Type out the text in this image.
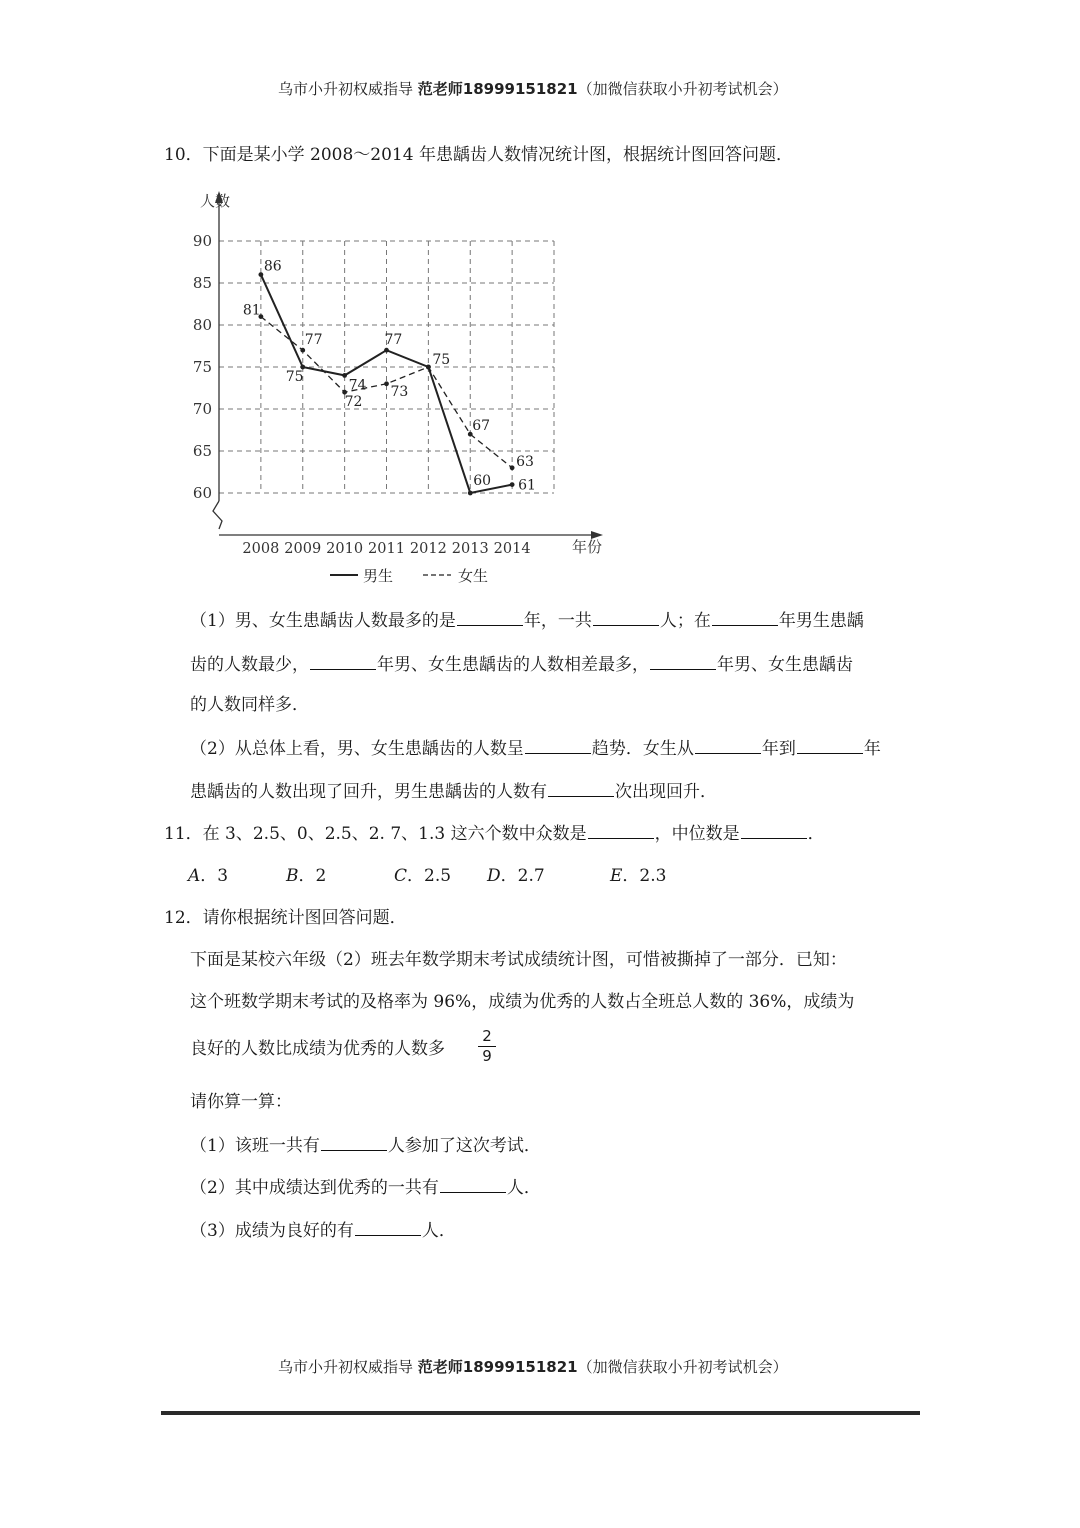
乌市小升初权威指导 范老师18999151821（加微信获取小升初考试机会）
10．下面是某小学 2008～2014 年患龋齿人数情况统计图，根据统计图回答问题．
人数
年份
90
85
80
75
70
65
60
2008 2009 2010 2011 2012 2013 2014
86
75
74
77
75
60 61
81
77
72
73
67
63
男生	女生
（1）男、女生患龋齿人数最多的是	年，一共	人；在	年男生患龋
齿的人数最少，	年男、女生患龋齿的人数相差最多，	年男、女生患龋齿
的人数同样多．
（2）从总体上看，男、女生患龋齿的人数呈	趋势．女生从	年到	年
患龋齿的人数出现了回升，男生患龋齿的人数有	次出现回升．
11．在 3、2.5、0、2.5、2. 7、1.3 这六个数中众数是	，中位数是	．
A．3	B．2	C．2.5 D．2.7	E．2.3
12．请你根据统计图回答问题．
下面是某校六年级（2）班去年数学期末考试成绩统计图，可惜被撕掉了一部分．已知：
这个班数学期末考试的及格率为 96%，成绩为优秀的人数占全班总人数的 36%，成绩为
良好的人数比成绩为优秀的人数多
2
9
请你算一算：
（1）该班一共有	人参加了这次考试．
（2）其中成绩达到优秀的一共有	人．
（3）成绩为良好的有	人．
乌市小升初权威指导 范老师18999151821（加微信获取小升初考试机会）
